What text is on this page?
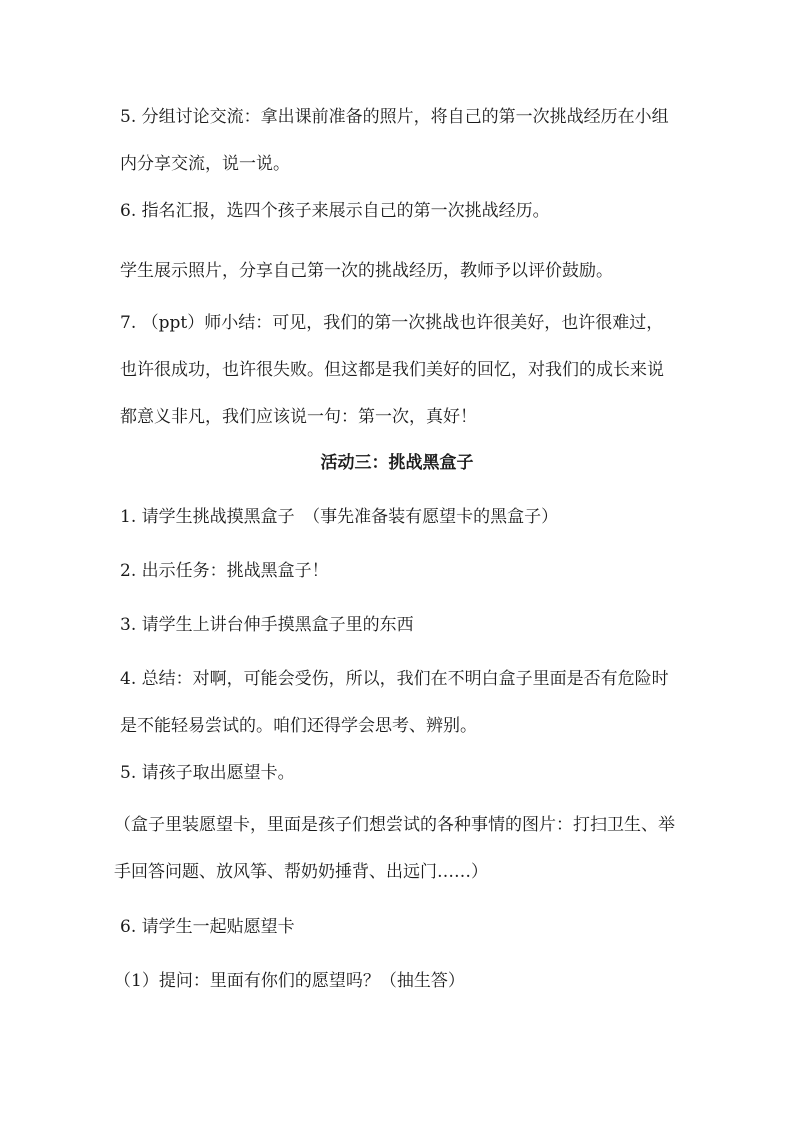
5. 分组讨论交流：拿出课前准备的照片，将自己的第一次挑战经历在小组内分享交流，说一说。

6. 指名汇报，选四个孩子来展示自己的第一次挑战经历。

学生展示照片，分享自己第一次的挑战经历，教师予以评价鼓励。

7. （ppt）师小结：可见，我们的第一次挑战也许很美好，也许很难过，也许很成功，也许很失败。但这都是我们美好的回忆，对我们的成长来说都意义非凡，我们应该说一句：第一次，真好！

活动三：挑战黑盒子

1. 请学生挑战摸黑盒子　（事先准备装有愿望卡的黑盒子）

2. 出示任务：挑战黑盒子！

3. 请学生上讲台伸手摸黑盒子里的东西

4. 总结：对啊，可能会受伤，所以，我们在不明白盒子里面是否有危险时是不能轻易尝试的。咱们还得学会思考、辨别。

5. 请孩子取出愿望卡。

（盒子里装愿望卡，里面是孩子们想尝试的各种事情的图片：打扫卫生、举手回答问题、放风筝、帮奶奶捶背、出远门……）

6. 请学生一起贴愿望卡

（1）提问：里面有你们的愿望吗？（抽生答）
